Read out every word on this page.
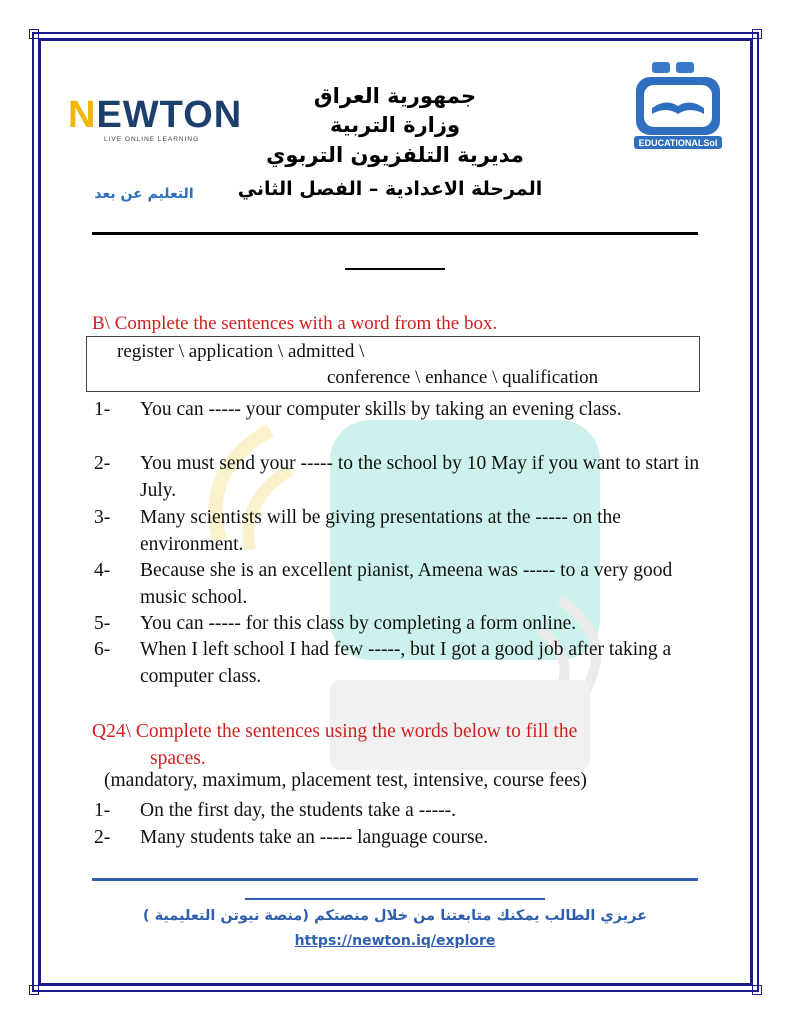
NEWTON
LIVE ONLINE LEARNING	EDUCATIONALSol
جمهورية العراق
وزارة التربية
مديرية التلفزيون التربوي
المرحلة الاعدادية – الفصل الثاني
التعليم عن بعد
B\ Complete the sentences with a word from the box.
register \ application \ admitted \
conference \ enhance \ qualification
1- You can ----- your computer skills by taking an evening class.
2- You must send your ----- to the school by 10 May if you want to start in July.
3- Many scientists will be giving presentations at the ----- on the environment.
4- Because she is an excellent pianist, Ameena was ----- to a very good music school.
5- You can ----- for this class by completing a form online.
6- When I left school I had few -----, but I got a good job after taking a computer class.
Q24\ Complete the sentences using the words below to fill the
spaces.
(mandatory, maximum, placement test, intensive, course fees)
1- On the first day, the students take a -----.
2- Many students take an ----- language course.
عزيزي الطالب يمكنك متابعتنا من خلال منصتكم (منصة نيوتن التعليمية )
https://newton.iq/explore
